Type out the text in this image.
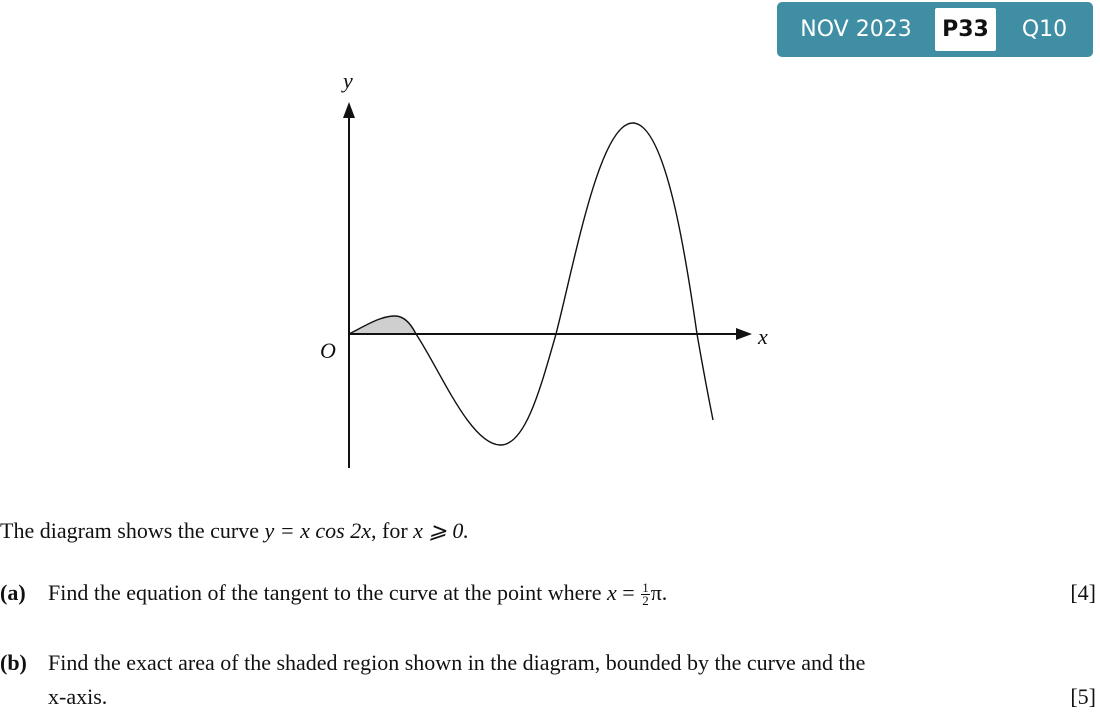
NOV 2023	P33	Q10
y
x
O
The diagram shows the curve y = x cos 2x, for x ⩾ 0.
(a) Find the equation of the tangent to the curve at the point where $x = \frac{1}{2} \pi$.	[4]
(b) Find the exact area of the shaded region shown in the diagram, bounded by the curve and the
x-axis.	[5]
